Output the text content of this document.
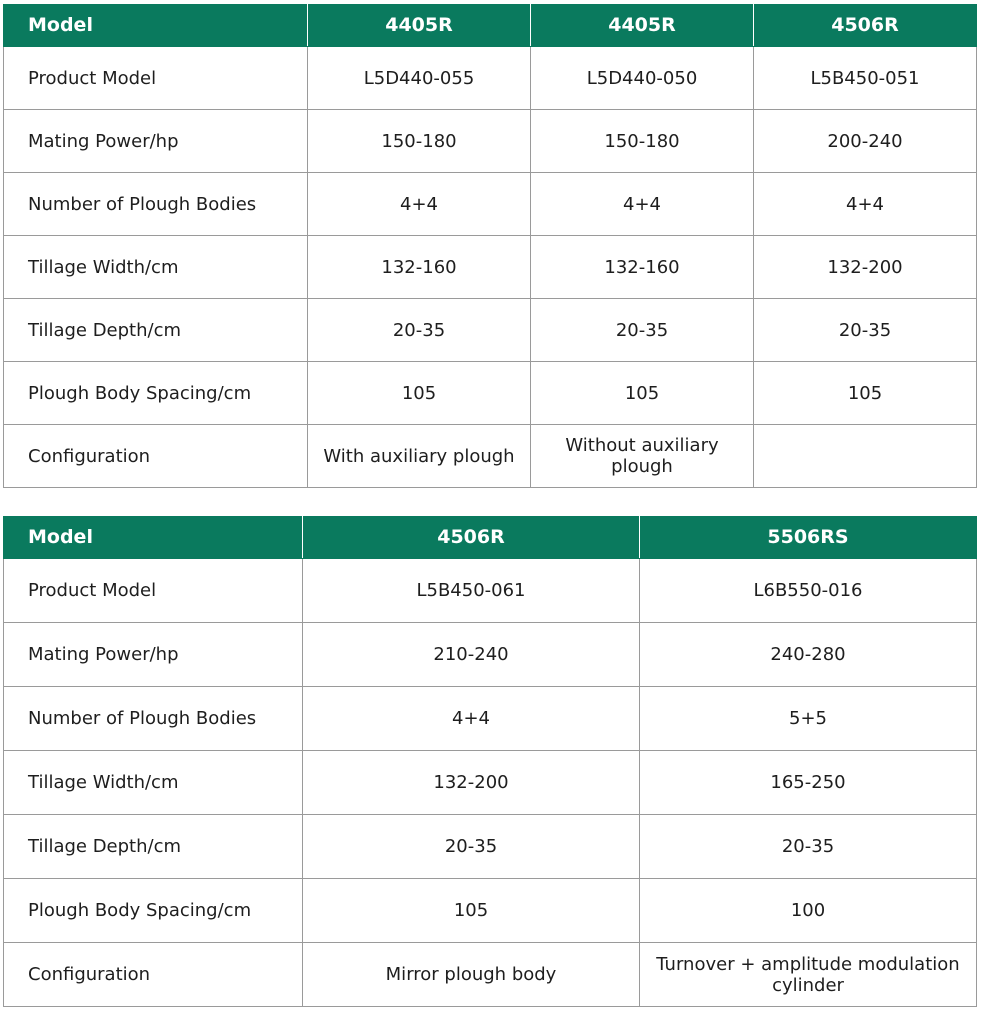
Model	4405R	4405R	4506R
Product Model	L5D440-055	L5D440-050	L5B450-051
Mating Power/hp	150-180	150-180	200-240
Number of Plough Bodies	4+4	4+4	4+4
Tillage Width/cm	132-160	132-160	132-200
Tillage Depth/cm	20-35	20-35	20-35
Plough Body Spacing/cm	105	105	105
Configuration	With auxiliary plough	Without auxiliary plough	
Model	4506R	5506RS
Product Model	L5B450-061	L6B550-016
Mating Power/hp	210-240	240-280
Number of Plough Bodies	4+4	5+5
Tillage Width/cm	132-200	165-250
Tillage Depth/cm	20-35	20-35
Plough Body Spacing/cm	105	100
Configuration	Mirror plough body	Turnover + amplitude modulation cylinder
